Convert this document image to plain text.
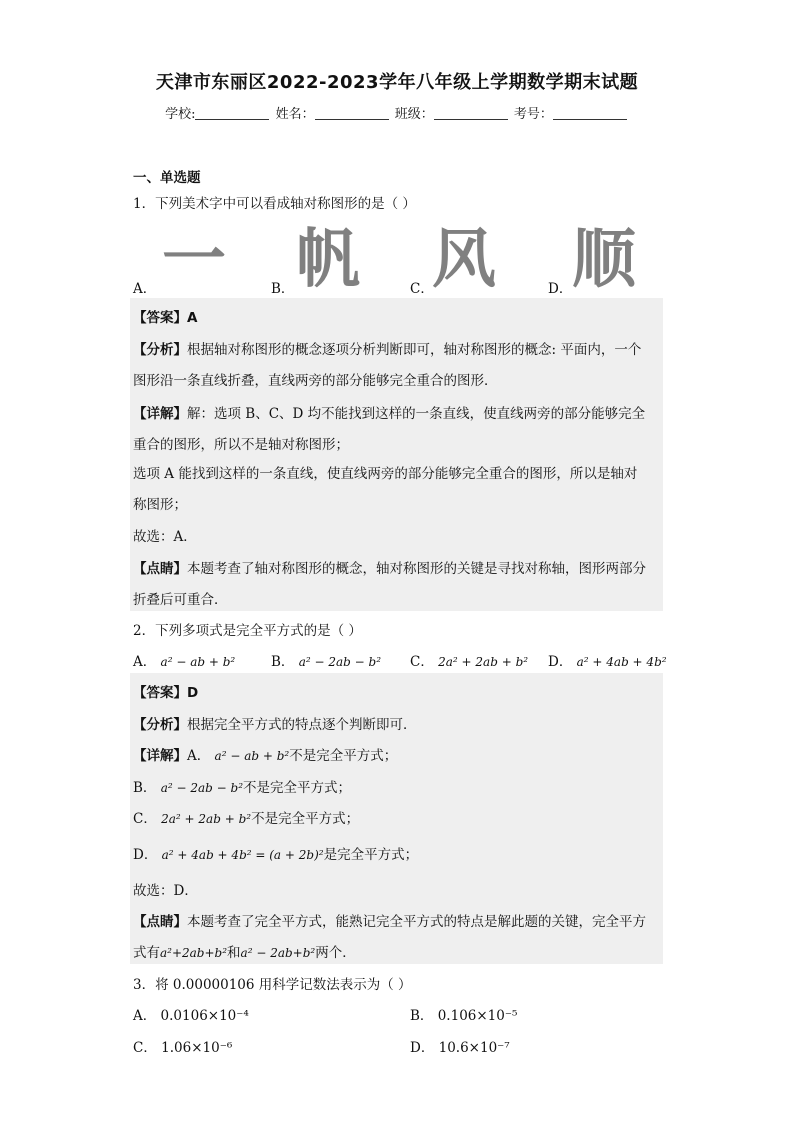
天津市东丽区2022-2023学年八年级上学期数学期末试题
学校:	姓名：	班级：	考号：
一、单选题
1．下列美术字中可以看成轴对称图形的是（ ）
A． 一	B． 帆	C．
风	D． 顺
【答案】A
【分析】根据轴对称图形的概念逐项分析判断即可，轴对称图形的概念: 平面内，一个
图形沿一条直线折叠，直线两旁的部分能够完全重合的图形．
【详解】解：选项 B、C、D 均不能找到这样的一条直线，使直线两旁的部分能够完全
重合的图形，所以不是轴对称图形；
选项 A 能找到这样的一条直线，使直线两旁的部分能够完全重合的图形，所以是轴对
称图形；
故选：A．
【点睛】本题考查了轴对称图形的概念，轴对称图形的关键是寻找对称轴，图形两部分
折叠后可重合．
2．下列多项式是完全平方式的是（ ）
A． a² − ab + b²	B． a² − 2ab − b² C． 2a² + 2ab + b² D． a² + 4ab + 4b²
【答案】D
【分析】根据完全平方式的特点逐个判断即可．
【详解】A． a² − ab + b²不是完全平方式；
B． a² − 2ab − b²不是完全平方式；
C． 2a² + 2ab + b²不是完全平方式；
D． a² + 4ab + 4b² = (a + 2b)²是完全平方式；
故选：D．
【点睛】本题考查了完全平方式，能熟记完全平方式的特点是解此题的关键，完全平方
式有a²+2ab+b²和a² − 2ab+b²两个．
3．将 0.00000106 用科学记数法表示为（ ）
A． 0.0106×10⁻⁴	B． 0.106×10⁻⁵
C． 1.06×10⁻⁶	D． 10.6×10⁻⁷
